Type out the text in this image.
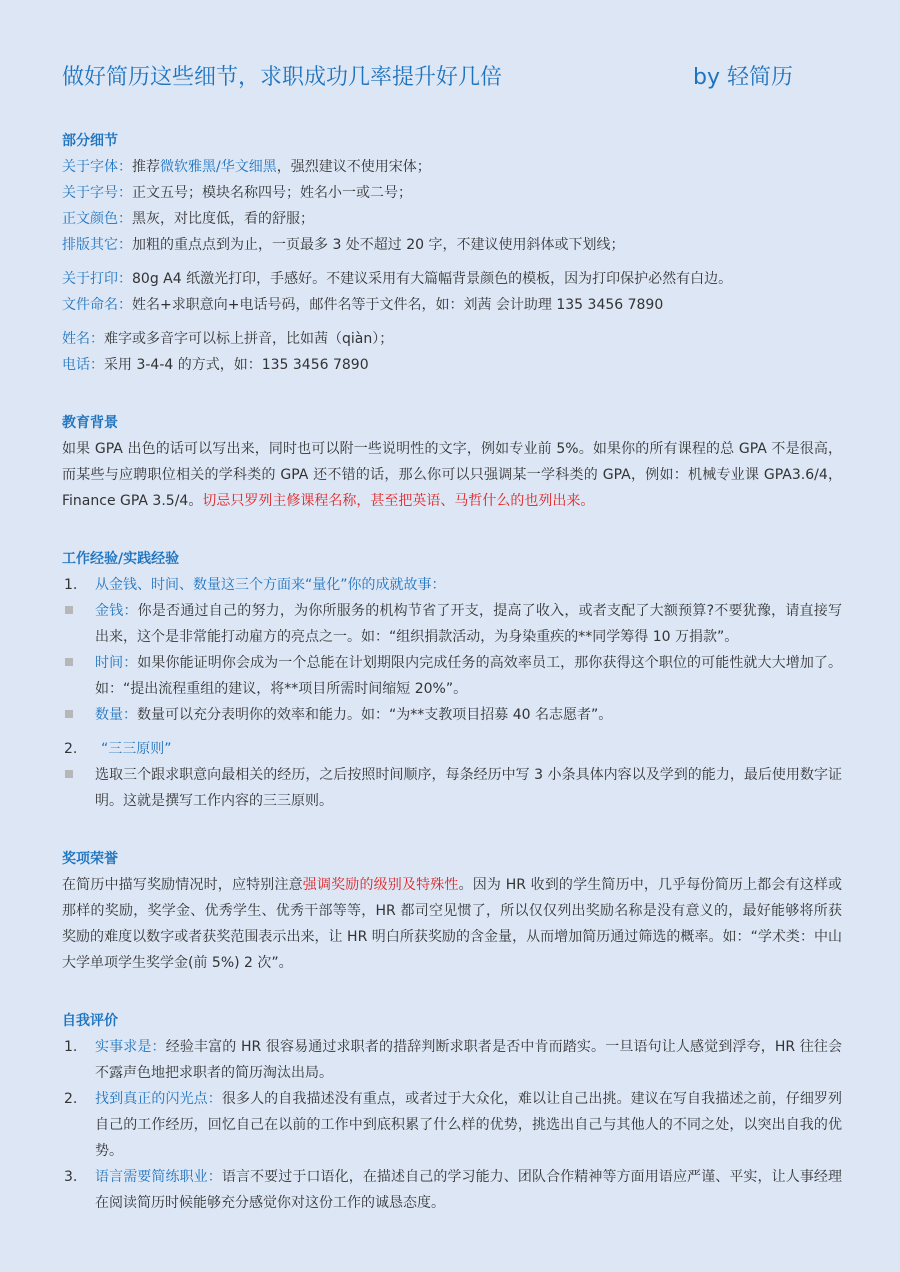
做好简历这些细节，求职成功几率提升好几倍	by 轻简历
部分细节
关于字体：推荐微软雅黑/华文细黑，强烈建议不使用宋体；
关于字号：正文五号；模块名称四号；姓名小一或二号；
正文颜色：黑灰，对比度低，看的舒服；
排版其它：加粗的重点点到为止，一页最多 3 处不超过 20 字，不建议使用斜体或下划线；
关于打印：80g A4 纸激光打印，手感好。不建议采用有大篇幅背景颜色的模板，因为打印保护必然有白边。
文件命名：姓名+求职意向+电话号码，邮件名等于文件名，如：刘茜 会计助理 135 3456 7890
姓名：难字或多音字可以标上拼音，比如茜（qiàn）；
电话：采用 3-4-4 的方式，如：135 3456 7890
教育背景
如果 GPA 出色的话可以写出来，同时也可以附一些说明性的文字，例如专业前 5%。如果你的所有课程的总 GPA 不是很高，而某些与应聘职位相关的学科类的 GPA 还不错的话，那么你可以只强调某一学科类的 GPA，例如：机械专业课 GPA3.6/4，Finance GPA 3.5/4。切忌只罗列主修课程名称，甚至把英语、马哲什么的也列出来。
工作经验/实践经验
1. 从金钱、时间、数量这三个方面来“量化”你的成就故事：
金钱：你是否通过自己的努力，为你所服务的机构节省了开支，提高了收入，或者支配了大额预算?不要犹豫，请直接写出来，这个是非常能打动雇方的亮点之一。如：“组织捐款活动，为身染重疾的**同学筹得 10 万捐款”。
时间：如果你能证明你会成为一个总能在计划期限内完成任务的高效率员工，那你获得这个职位的可能性就大大增加了。如：“提出流程重组的建议，将**项目所需时间缩短 20%”。
数量：数量可以充分表明你的效率和能力。如：“为**支教项目招募 40 名志愿者”。
2. “三三原则”
选取三个跟求职意向最相关的经历，之后按照时间顺序，每条经历中写 3 小条具体内容以及学到的能力，最后使用数字证明。这就是撰写工作内容的三三原则。
奖项荣誉
在简历中描写奖励情况时，应特别注意强调奖励的级别及特殊性。因为 HR 收到的学生简历中，几乎每份简历上都会有这样或那样的奖励，奖学金、优秀学生、优秀干部等等，HR 都司空见惯了，所以仅仅列出奖励名称是没有意义的，最好能够将所获奖励的难度以数字或者获奖范围表示出来，让 HR 明白所获奖励的含金量，从而增加简历通过筛选的概率。如：“学术类：中山大学单项学生奖学金(前 5%) 2 次”。
自我评价
1. 实事求是：经验丰富的 HR 很容易通过求职者的措辞判断求职者是否中肯而踏实。一旦语句让人感觉到浮夸，HR 往往会不露声色地把求职者的简历淘汰出局。
2. 找到真正的闪光点：很多人的自我描述没有重点，或者过于大众化，难以让自己出挑。建议在写自我描述之前，仔细罗列自己的工作经历，回忆自己在以前的工作中到底积累了什么样的优势，挑选出自己与其他人的不同之处，以突出自我的优势。
3. 语言需要简练职业：语言不要过于口语化，在描述自己的学习能力、团队合作精神等方面用语应严谨、平实，让人事经理在阅读简历时候能够充分感觉你对这份工作的诚恳态度。
